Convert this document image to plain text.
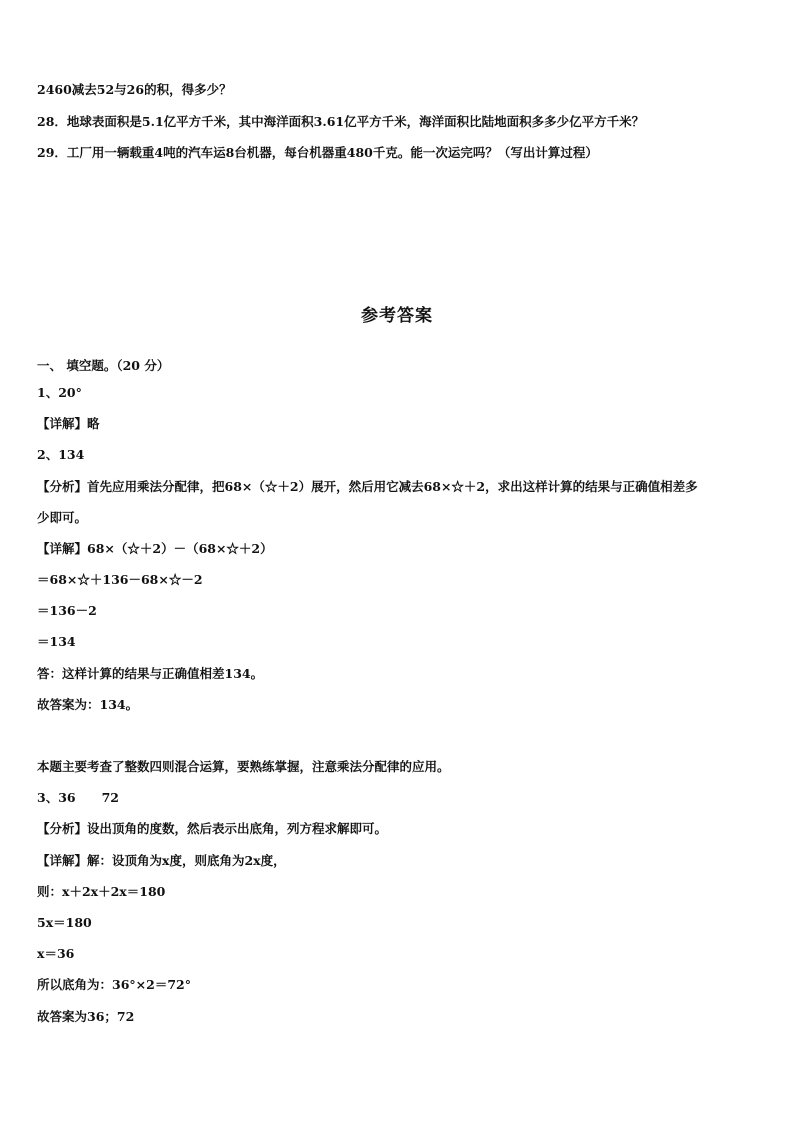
2460减去52与26的积，得多少？
28．地球表面积是5.1亿平方千米，其中海洋面积3.61亿平方千米，海洋面积比陆地面积多多少亿平方千米？
29．工厂用一辆载重4吨的汽车运8台机器，每台机器重480千克。能一次运完吗？（写出计算过程）
参考答案
一、 填空题。（20 分）
1、20°
【详解】略
2、134
【分析】首先应用乘法分配律，把68×（☆＋2）展开，然后用它减去68×☆＋2，求出这样计算的结果与正确值相差多
少即可。
【详解】68×（☆＋2）－（68×☆＋2）
＝68×☆＋136－68×☆－2
＝136－2
＝134
答：这样计算的结果与正确值相差134。
故答案为：134。
本题主要考查了整数四则混合运算，要熟练掌握，注意乘法分配律的应用。
3、36 72
【分析】设出顶角的度数，然后表示出底角，列方程求解即可。
【详解】解：设顶角为x度，则底角为2x度，
则：x＋2x＋2x＝180
5x＝180
x＝36
所以底角为：36°×2＝72°
故答案为36；72
